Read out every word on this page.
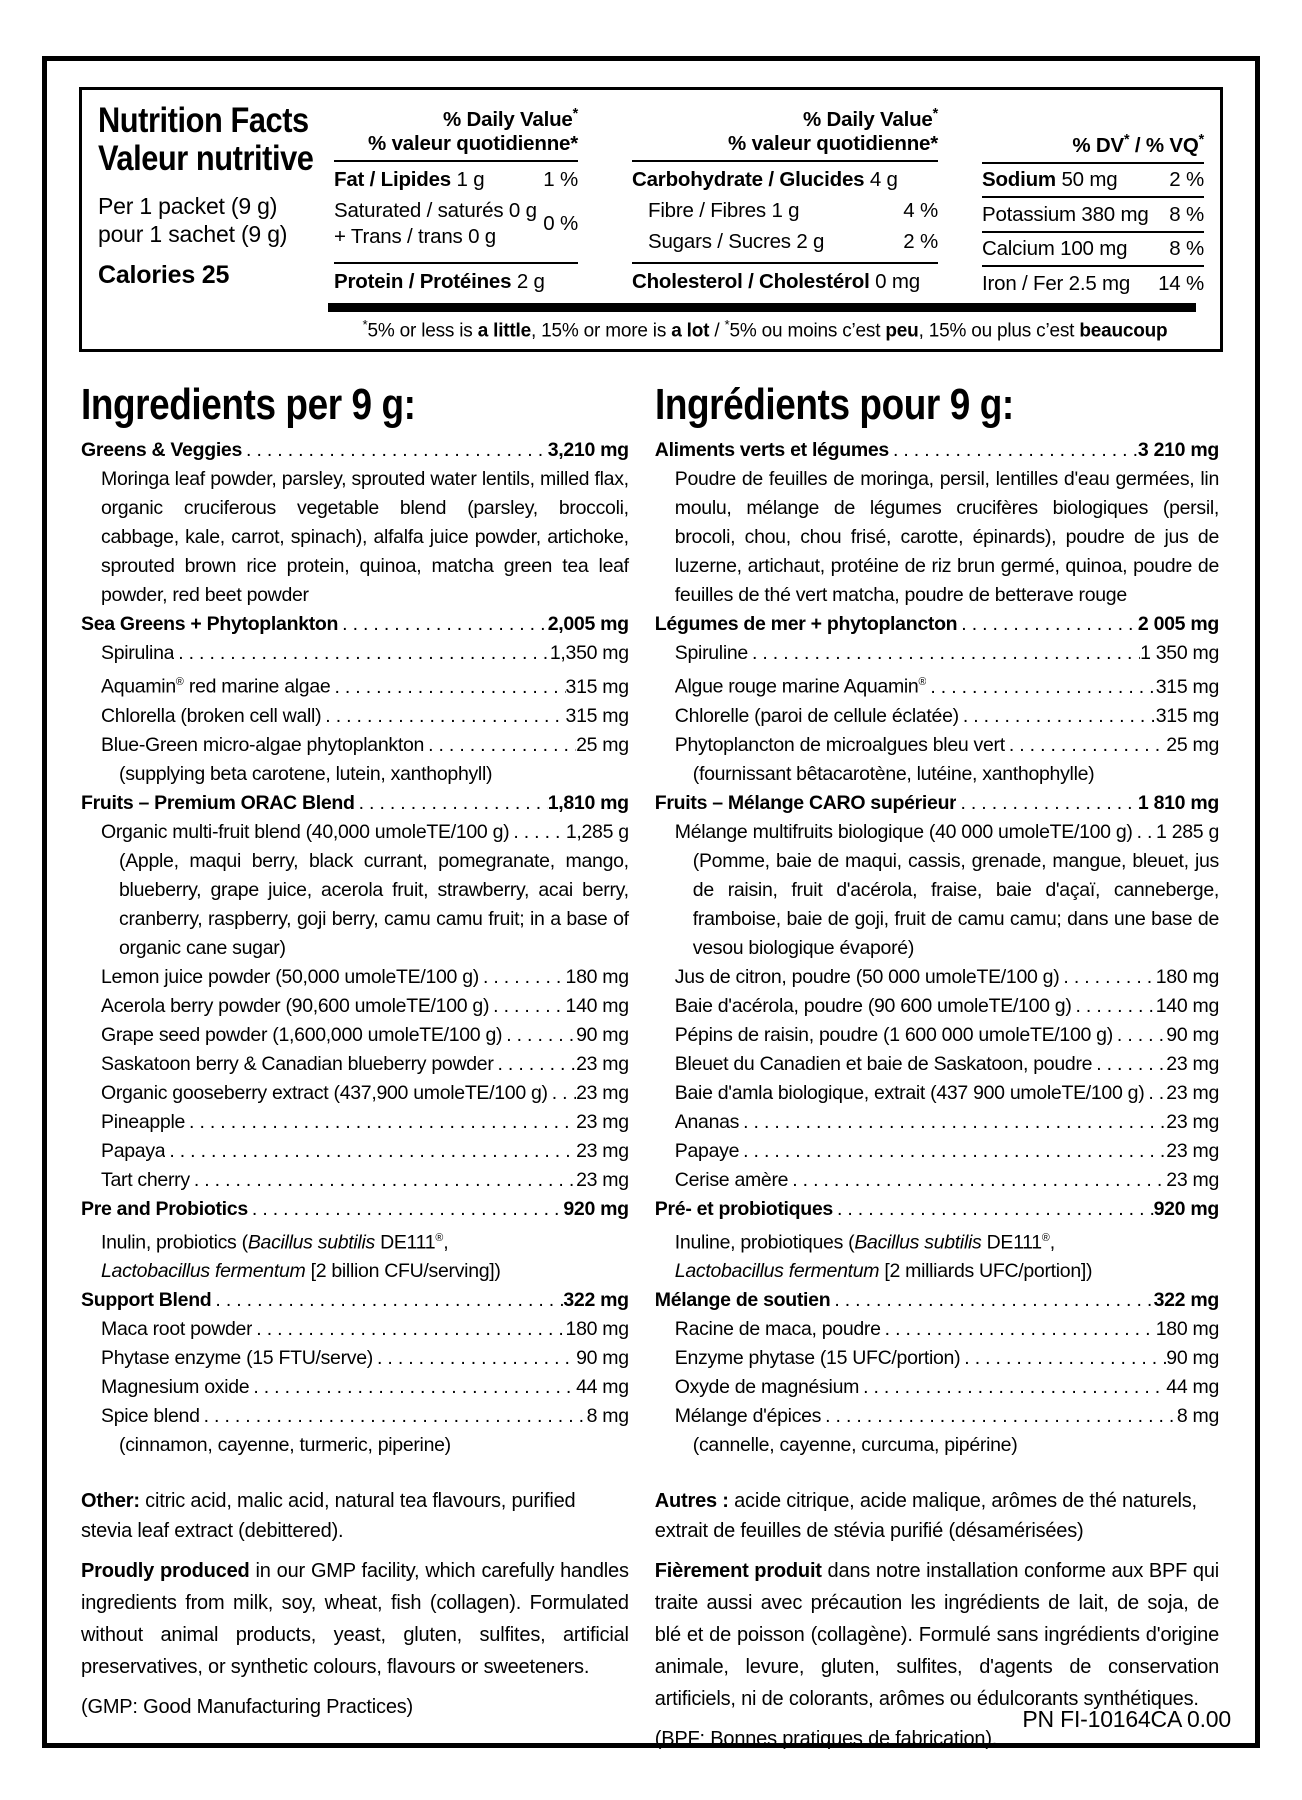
Nutrition Facts
Valeur nutritive
Per 1 packet (9 g)
pour 1 sachet (9 g)
Calories 25
% Daily Value*
% valeur quotidienne*
Fat / Lipides 1 g	1 %
Saturated / saturés 0 g
+ Trans / trans 0 g
0 %
Protein / Protéines 2 g
% Daily Value*
% valeur quotidienne*
Carbohydrate / Glucides 4 g
Fibre / Fibres 1 g	4 %
Sugars / Sucres 2 g	2 %
Cholesterol / Cholestérol 0 mg
% DV* / % VQ*
Sodium 50 mg	2 %
Potassium 380 mg 8 %
Calcium 100 mg 8 %
Iron / Fer 2.5 mg 14 %
*5% or less is a little, 15% or more is a lot / *5% ou moins c’est peu, 15% ou plus c’est beaucoup
Ingredients per 9 g:
Greens & Veggies .....	3,210 mg
Moringa leaf powder, parsley, sprouted water lentils, milled flax, organic cruciferous vegetable blend (parsley, broccoli, cabbage, kale, carrot, spinach), alfalfa juice powder, artichoke, sprouted brown rice protein, quinoa, matcha green tea leaf powder, red beet powder
Sea Greens + Phytoplankton .....	2,005 mg
Spirulina .....	1,350 mg
Aquamin® red marine algae .....	315 mg
Chlorella (broken cell wall) .....	315 mg
Blue-Green micro-algae phytoplankton .....	25 mg
(supplying beta carotene, lutein, xanthophyll)
Fruits – Premium ORAC Blend .....	1,810 mg
Organic multi-fruit blend (40,000 umoleTE/100 g) .....	1,285 g
(Apple, maqui berry, black currant, pomegranate, mango, blueberry, grape juice, acerola fruit, strawberry, acai berry, cranberry, raspberry, goji berry, camu camu fruit; in a base of organic cane sugar)
Lemon juice powder (50,000 umoleTE/100 g) .....	180 mg
Acerola berry powder (90,600 umoleTE/100 g) .....	140 mg
Grape seed powder (1,600,000 umoleTE/100 g) .....	90 mg
Saskatoon berry & Canadian blueberry powder .....	23 mg
Organic gooseberry extract (437,900 umoleTE/100 g) ..... 23 mg
Pineapple .....	23 mg
Papaya .....	23 mg
Tart cherry .....	23 mg
Pre and Probiotics .....	920 mg
Inulin, probiotics (Bacillus subtilis DE111®,
Lactobacillus fermentum [2 billion CFU/serving])
Support Blend .....	322 mg
Maca root powder .....	180 mg
Phytase enzyme (15 FTU/serve) .....	90 mg
Magnesium oxide .....	44 mg
Spice blend .....	8 mg
(cinnamon, cayenne, turmeric, piperine)

Other: citric acid, malic acid, natural tea flavours, purified stevia leaf extract (debittered).

Proudly produced in our GMP facility, which carefully handles ingredients from milk, soy, wheat, fish (collagen). Formulated without animal products, yeast, gluten, sulfites, artificial preservatives, or synthetic colours, flavours or sweeteners.

(GMP: Good Manufacturing Practices)

Ingrédients pour 9 g:
Aliments verts et légumes .....	3 210 mg
Poudre de feuilles de moringa, persil, lentilles d'eau germées, lin moulu, mélange de légumes crucifères biologiques (persil, brocoli, chou, chou frisé, carotte, épinards), poudre de jus de luzerne, artichaut, protéine de riz brun germé, quinoa, poudre de feuilles de thé vert matcha, poudre de betterave rouge
Légumes de mer + phytoplancton .....	2 005 mg
Spiruline .....	1 350 mg
Algue rouge marine Aquamin® .....	315 mg
Chlorelle (paroi de cellule éclatée) .....	315 mg
Phytoplancton de microalgues bleu vert .....	25 mg
(fournissant bêtacarotène, lutéine, xanthophylle)
Fruits – Mélange CARO supérieur .....	1 810 mg
Mélange multifruits biologique (40 000 umoleTE/100 g) ..... 1 285 g
(Pomme, baie de maqui, cassis, grenade, mangue, bleuet, jus de raisin, fruit d'acérola, fraise, baie d'açaï, canneberge, framboise, baie de goji, fruit de camu camu; dans une base de vesou biologique évaporé)
Jus de citron, poudre (50 000 umoleTE/100 g) .....	180 mg
Baie d'acérola, poudre (90 600 umoleTE/100 g) .....	140 mg
Pépins de raisin, poudre (1 600 000 umoleTE/100 g) .....	90 mg
Bleuet du Canadien et baie de Saskatoon, poudre .....	23 mg
Baie d'amla biologique, extrait (437 900 umoleTE/100 g) ..... 23 mg
Ananas .....	23 mg
Papaye .....	23 mg
Cerise amère .....	23 mg
Pré- et probiotiques .....	920 mg
Inuline, probiotiques (Bacillus subtilis DE111®,
Lactobacillus fermentum [2 milliards UFC/portion])
Mélange de soutien .....	322 mg
Racine de maca, poudre .....	180 mg
Enzyme phytase (15 UFC/portion) .....	90 mg
Oxyde de magnésium .....	44 mg
Mélange d'épices .....	8 mg
(cannelle, cayenne, curcuma, pipérine)

Autres : acide citrique, acide malique, arômes de thé naturels, extrait de feuilles de stévia purifié (désamérisées)

Fièrement produit dans notre installation conforme aux BPF qui traite aussi avec précaution les ingrédients de lait, de soja, de blé et de poisson (collagène). Formulé sans ingrédients d'origine animale, levure, gluten, sulfites, d'agents de conservation artificiels, ni de colorants, arômes ou édulcorants synthétiques.

(BPF: Bonnes pratiques de fabrication).

PN FI-10164CA 0.00
